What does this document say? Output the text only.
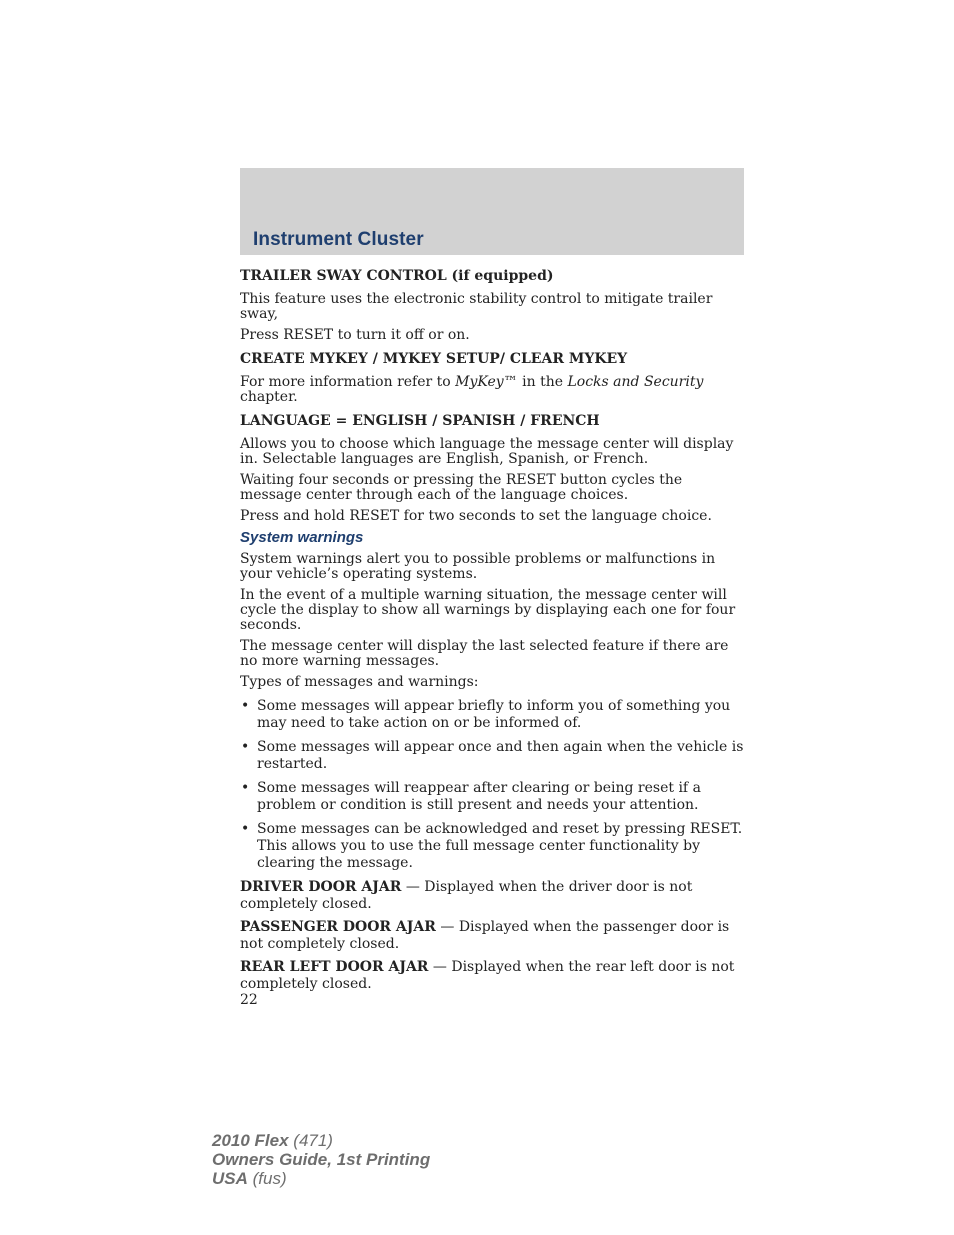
Instrument Cluster
TRAILER SWAY CONTROL (if equipped)

This feature uses the electronic stability control to mitigate trailer sway,

Press RESET to turn it off or on.

CREATE MYKEY / MYKEY SETUP/ CLEAR MYKEY

For more information refer to MyKey™ in the Locks and Security
chapter.

LANGUAGE = ENGLISH / SPANISH / FRENCH

Allows you to choose which language the message center will display in. Selectable languages are English, Spanish, or French.

Waiting four seconds or pressing the RESET button cycles the message center through each of the language choices.

Press and hold RESET for two seconds to set the language choice.

System warnings

System warnings alert you to possible problems or malfunctions in your vehicle’s operating systems.

In the event of a multiple warning situation, the message center will cycle the display to show all warnings by displaying each one for four seconds.

The message center will display the last selected feature if there are no more warning messages.

Types of messages and warnings:

• Some messages will appear briefly to inform you of something you may need to take action on or be informed of.
• Some messages will appear once and then again when the vehicle is restarted.
• Some messages will reappear after clearing or being reset if a problem or condition is still present and needs your attention.
• Some messages can be acknowledged and reset by pressing RESET. This allows you to use the full message center functionality by clearing the message.

DRIVER DOOR AJAR — Displayed when the driver door is not completely closed.

PASSENGER DOOR AJAR — Displayed when the passenger door is not completely closed.

REAR LEFT DOOR AJAR — Displayed when the rear left door is not completely closed.

22
2010 Flex (471)
Owners Guide, 1st Printing
USA (fus)
